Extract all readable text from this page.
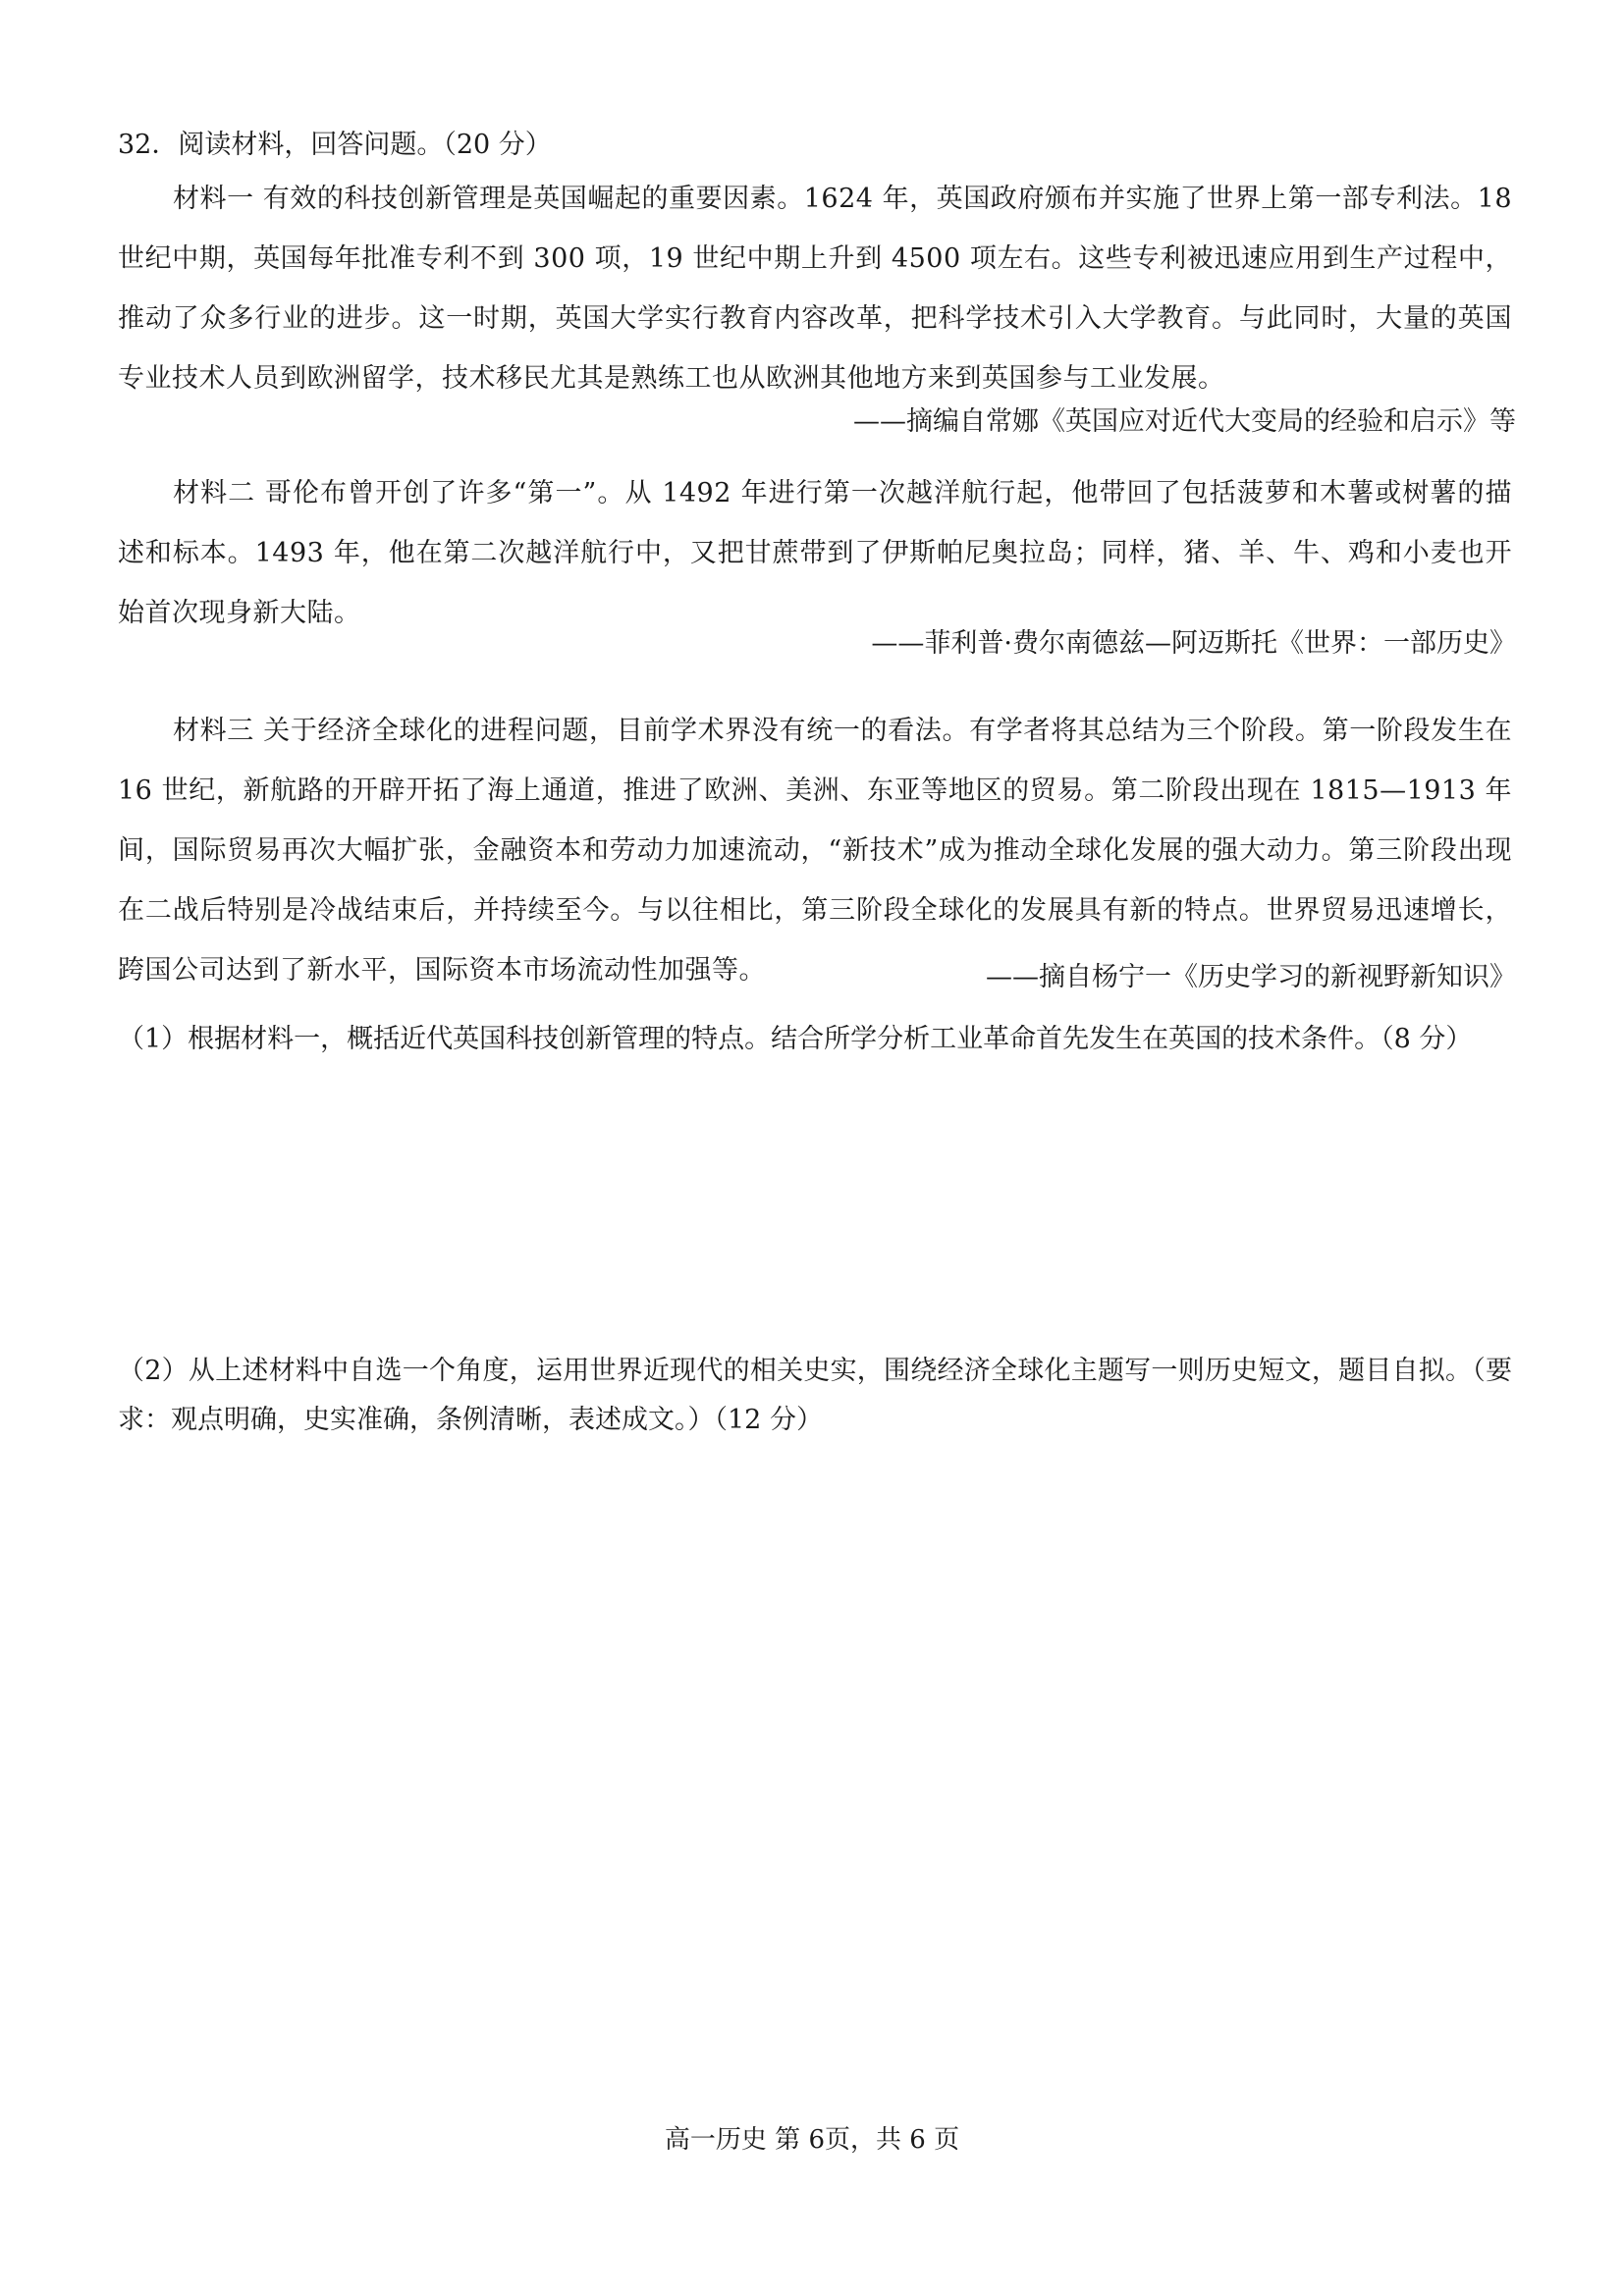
32．阅读材料，回答问题。（20 分）
材料一 有效的科技创新管理是英国崛起的重要因素。1624 年，英国政府颁布并实施了世界上第一部专利法。18 世纪中期，英国每年批准专利不到 300 项，19 世纪中期上升到 4500 项左右。这些专利被迅速应用到生产过程中，推动了众多行业的进步。这一时期，英国大学实行教育内容改革，把科学技术引入大学教育。与此同时，大量的英国专业技术人员到欧洲留学，技术移民尤其是熟练工也从欧洲其他地方来到英国参与工业发展。
——摘编自常娜《英国应对近代大变局的经验和启示》等
材料二 哥伦布曾开创了许多“第一”。从 1492 年进行第一次越洋航行起，他带回了包括菠萝和木薯或树薯的描述和标本。1493 年，他在第二次越洋航行中，又把甘蔗带到了伊斯帕尼奥拉岛；同样，猪、羊、牛、鸡和小麦也开始首次现身新大陆。
——菲利普·费尔南德兹—阿迈斯托《世界：一部历史》
材料三 关于经济全球化的进程问题，目前学术界没有统一的看法。有学者将其总结为三个阶段。第一阶段发生在 16 世纪，新航路的开辟开拓了海上通道，推进了欧洲、美洲、东亚等地区的贸易。第二阶段出现在 1815—1913 年间，国际贸易再次大幅扩张，金融资本和劳动力加速流动，“新技术”成为推动全球化发展的强大动力。第三阶段出现在二战后特别是冷战结束后，并持续至今。与以往相比，第三阶段全球化的发展具有新的特点。世界贸易迅速增长，跨国公司达到了新水平，国际资本市场流动性加强等。	——摘自杨宁一《历史学习的新视野新知识》
（1）根据材料一，概括近代英国科技创新管理的特点。结合所学分析工业革命首先发生在英国的技术条件。（8 分）
（2）从上述材料中自选一个角度，运用世界近现代的相关史实，围绕经济全球化主题写一则历史短文，题目自拟。（要求：观点明确，史实准确，条例清晰，表述成文。）（12 分）
高一历史 第 6页，共 6 页
